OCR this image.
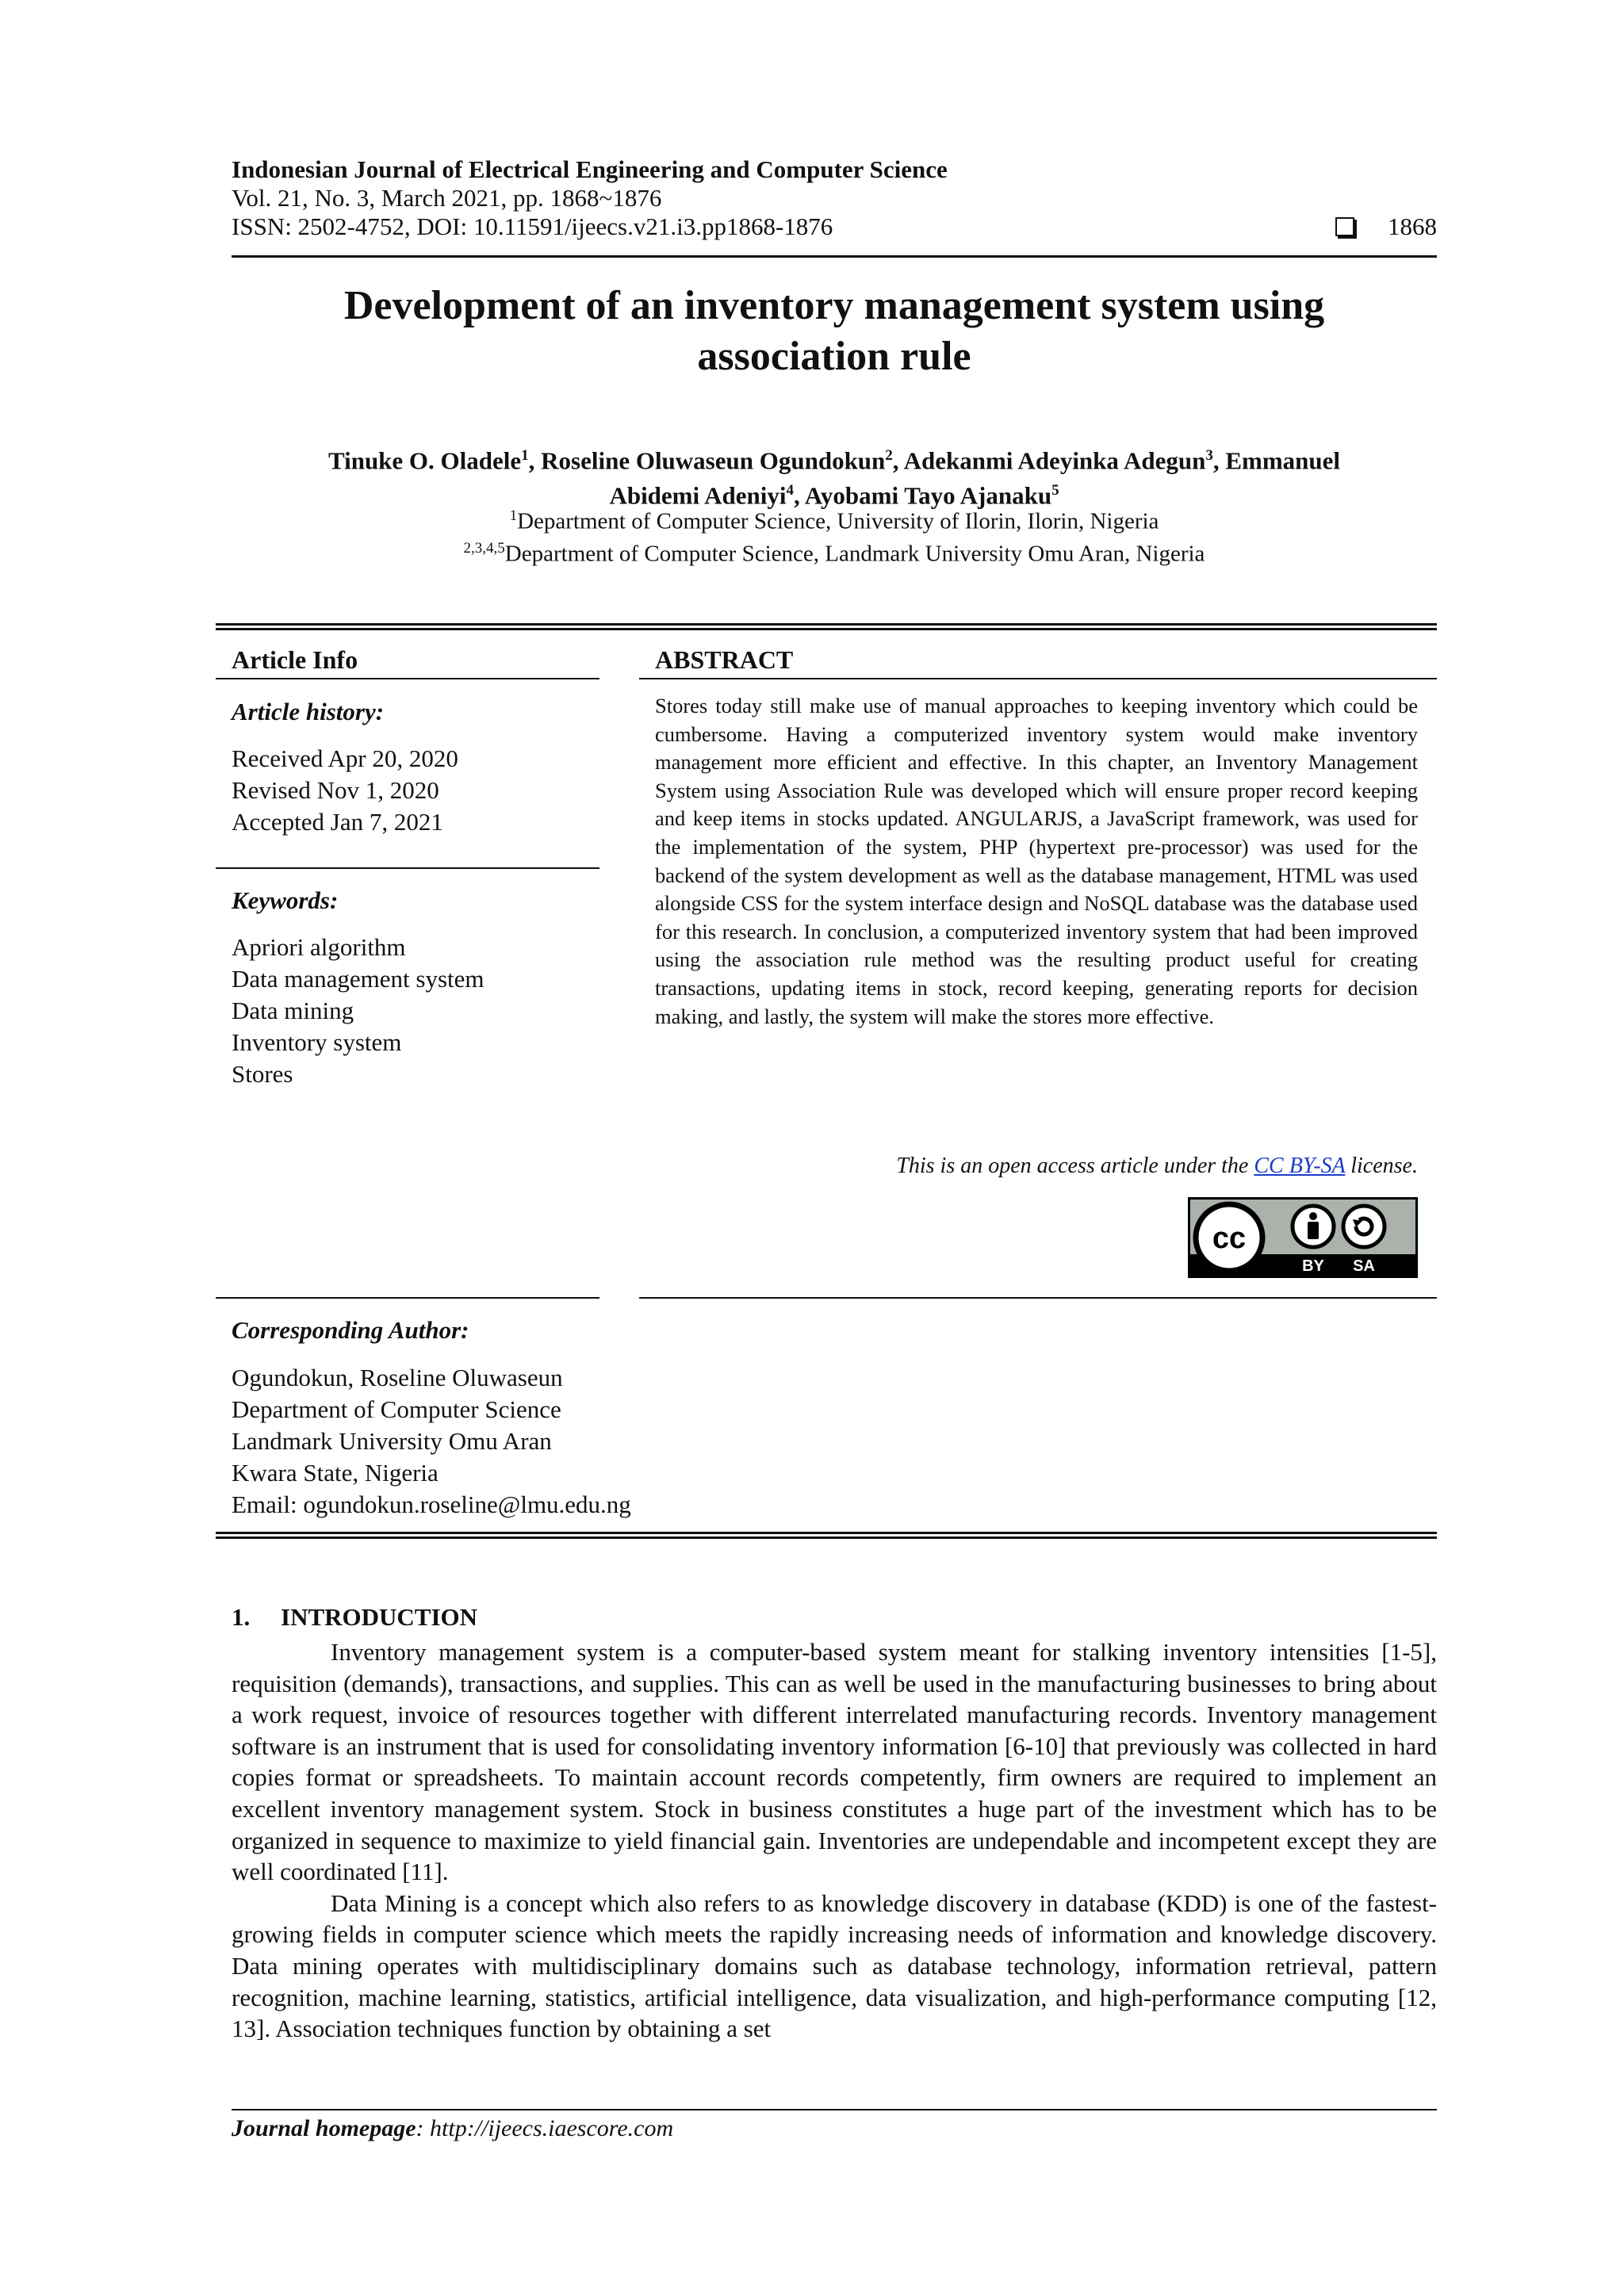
Indonesian Journal of Electrical Engineering and Computer Science
Vol. 21, No. 3, March 2021, pp. 1868~1876
ISSN: 2502-4752, DOI: 10.11591/ijeecs.v21.i3.pp1868-1876	1868
Development of an inventory management system using
association rule
Tinuke O. Oladele$^1$, Roseline Oluwaseun Ogundokun$^2$, Adekanmi Adeyinka Adegun$^3$, Emmanuel
Abidemi Adeniyi$^4$, Ayobami Tayo Ajanaku$^5$
$^1$Department of Computer Science, University of Ilorin, Ilorin, Nigeria
$^{2,3,4,5}$Department of Computer Science, Landmark University Omu Aran, Nigeria
Article Info	ABSTRACT
Article history:
Received Apr 20, 2020
Revised Nov 1, 2020
Accepted Jan 7, 2021
Keywords:
Apriori algorithm
Data management system
Data mining
Inventory system
Stores
Stores today still make use of manual approaches to keeping inventory which could be cumbersome. Having a computerized inventory system would make inventory management more efficient and effective. In this chapter, an Inventory Management System using Association Rule was developed which will ensure proper record keeping and keep items in stocks updated. ANGULARJS, a JavaScript framework, was used for the implementation of the system, PHP (hypertext pre-processor) was used for the backend of the system development as well as the database management, HTML was used alongside CSS for the system interface design and NoSQL database was the database used for this research. In conclusion, a computerized inventory system that had been improved using the association rule method was the resulting product useful for creating transactions, updating items in stock, record keeping, generating reports for decision making, and lastly, the system will make the stores more effective.
This is an open access article under the CC BY-SA license.
cc
BY SA
Corresponding Author:
Ogundokun, Roseline Oluwaseun
Department of Computer Science
Landmark University Omu Aran
Kwara State, Nigeria
Email: ogundokun.roseline@lmu.edu.ng
1.     INTRODUCTION

Inventory management system is a computer-based system meant for stalking inventory intensities [1-5], requisition (demands), transactions, and supplies. This can as well be used in the manufacturing businesses to bring about a work request, invoice of resources together with different interrelated manufacturing records. Inventory management software is an instrument that is used for consolidating inventory information [6-10] that previously was collected in hard copies format or spreadsheets. To maintain account records competently, firm owners are required to implement an excellent inventory management system. Stock in business constitutes a huge part of the investment which has to be organized in sequence to maximize to yield financial gain. Inventories are undependable and incompetent except they are well coordinated [11].

Data Mining is a concept which also refers to as knowledge discovery in database (KDD) is one of the fastest-growing fields in computer science which meets the rapidly increasing needs of information and knowledge discovery. Data mining operates with multidisciplinary domains such as database technology, information retrieval, pattern recognition, machine learning, statistics, artificial intelligence, data visualization, and high-performance computing [12, 13]. Association techniques function by obtaining a set

Journal homepage: http://ijeecs.iaescore.com
